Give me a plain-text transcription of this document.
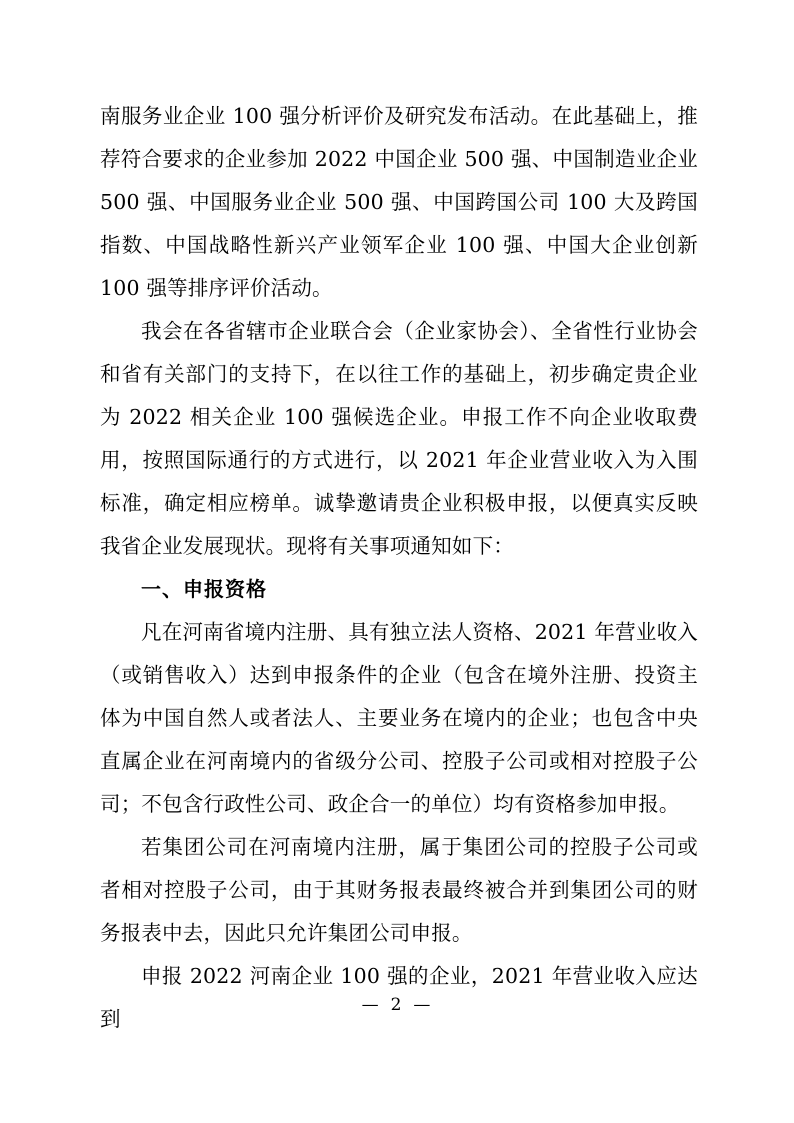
南服务业企业 100 强分析评价及研究发布活动。在此基础上，推荐符合要求的企业参加 2022 中国企业 500 强、中国制造业企业 500 强、中国服务业企业 500 强、中国跨国公司 100 大及跨国指数、中国战略性新兴产业领军企业 100 强、中国大企业创新 100 强等排序评价活动。

我会在各省辖市企业联合会（企业家协会）、全省性行业协会和省有关部门的支持下，在以往工作的基础上，初步确定贵企业为 2022 相关企业 100 强候选企业。申报工作不向企业收取费用，按照国际通行的方式进行，以 2021 年企业营业收入为入围标准，确定相应榜单。诚挚邀请贵企业积极申报，以便真实反映我省企业发展现状。现将有关事项通知如下：

一、申报资格

凡在河南省境内注册、具有独立法人资格、2021 年营业收入（或销售收入）达到申报条件的企业（包含在境外注册、投资主体为中国自然人或者法人、主要业务在境内的企业；也包含中央直属企业在河南境内的省级分公司、控股子公司或相对控股子公司；不包含行政性公司、政企合一的单位）均有资格参加申报。

若集团公司在河南境内注册，属于集团公司的控股子公司或者相对控股子公司，由于其财务报表最终被合并到集团公司的财务报表中去，因此只允许集团公司申报。

申报 2022 河南企业 100 强的企业，2021 年营业收入应达到

— 2 —
